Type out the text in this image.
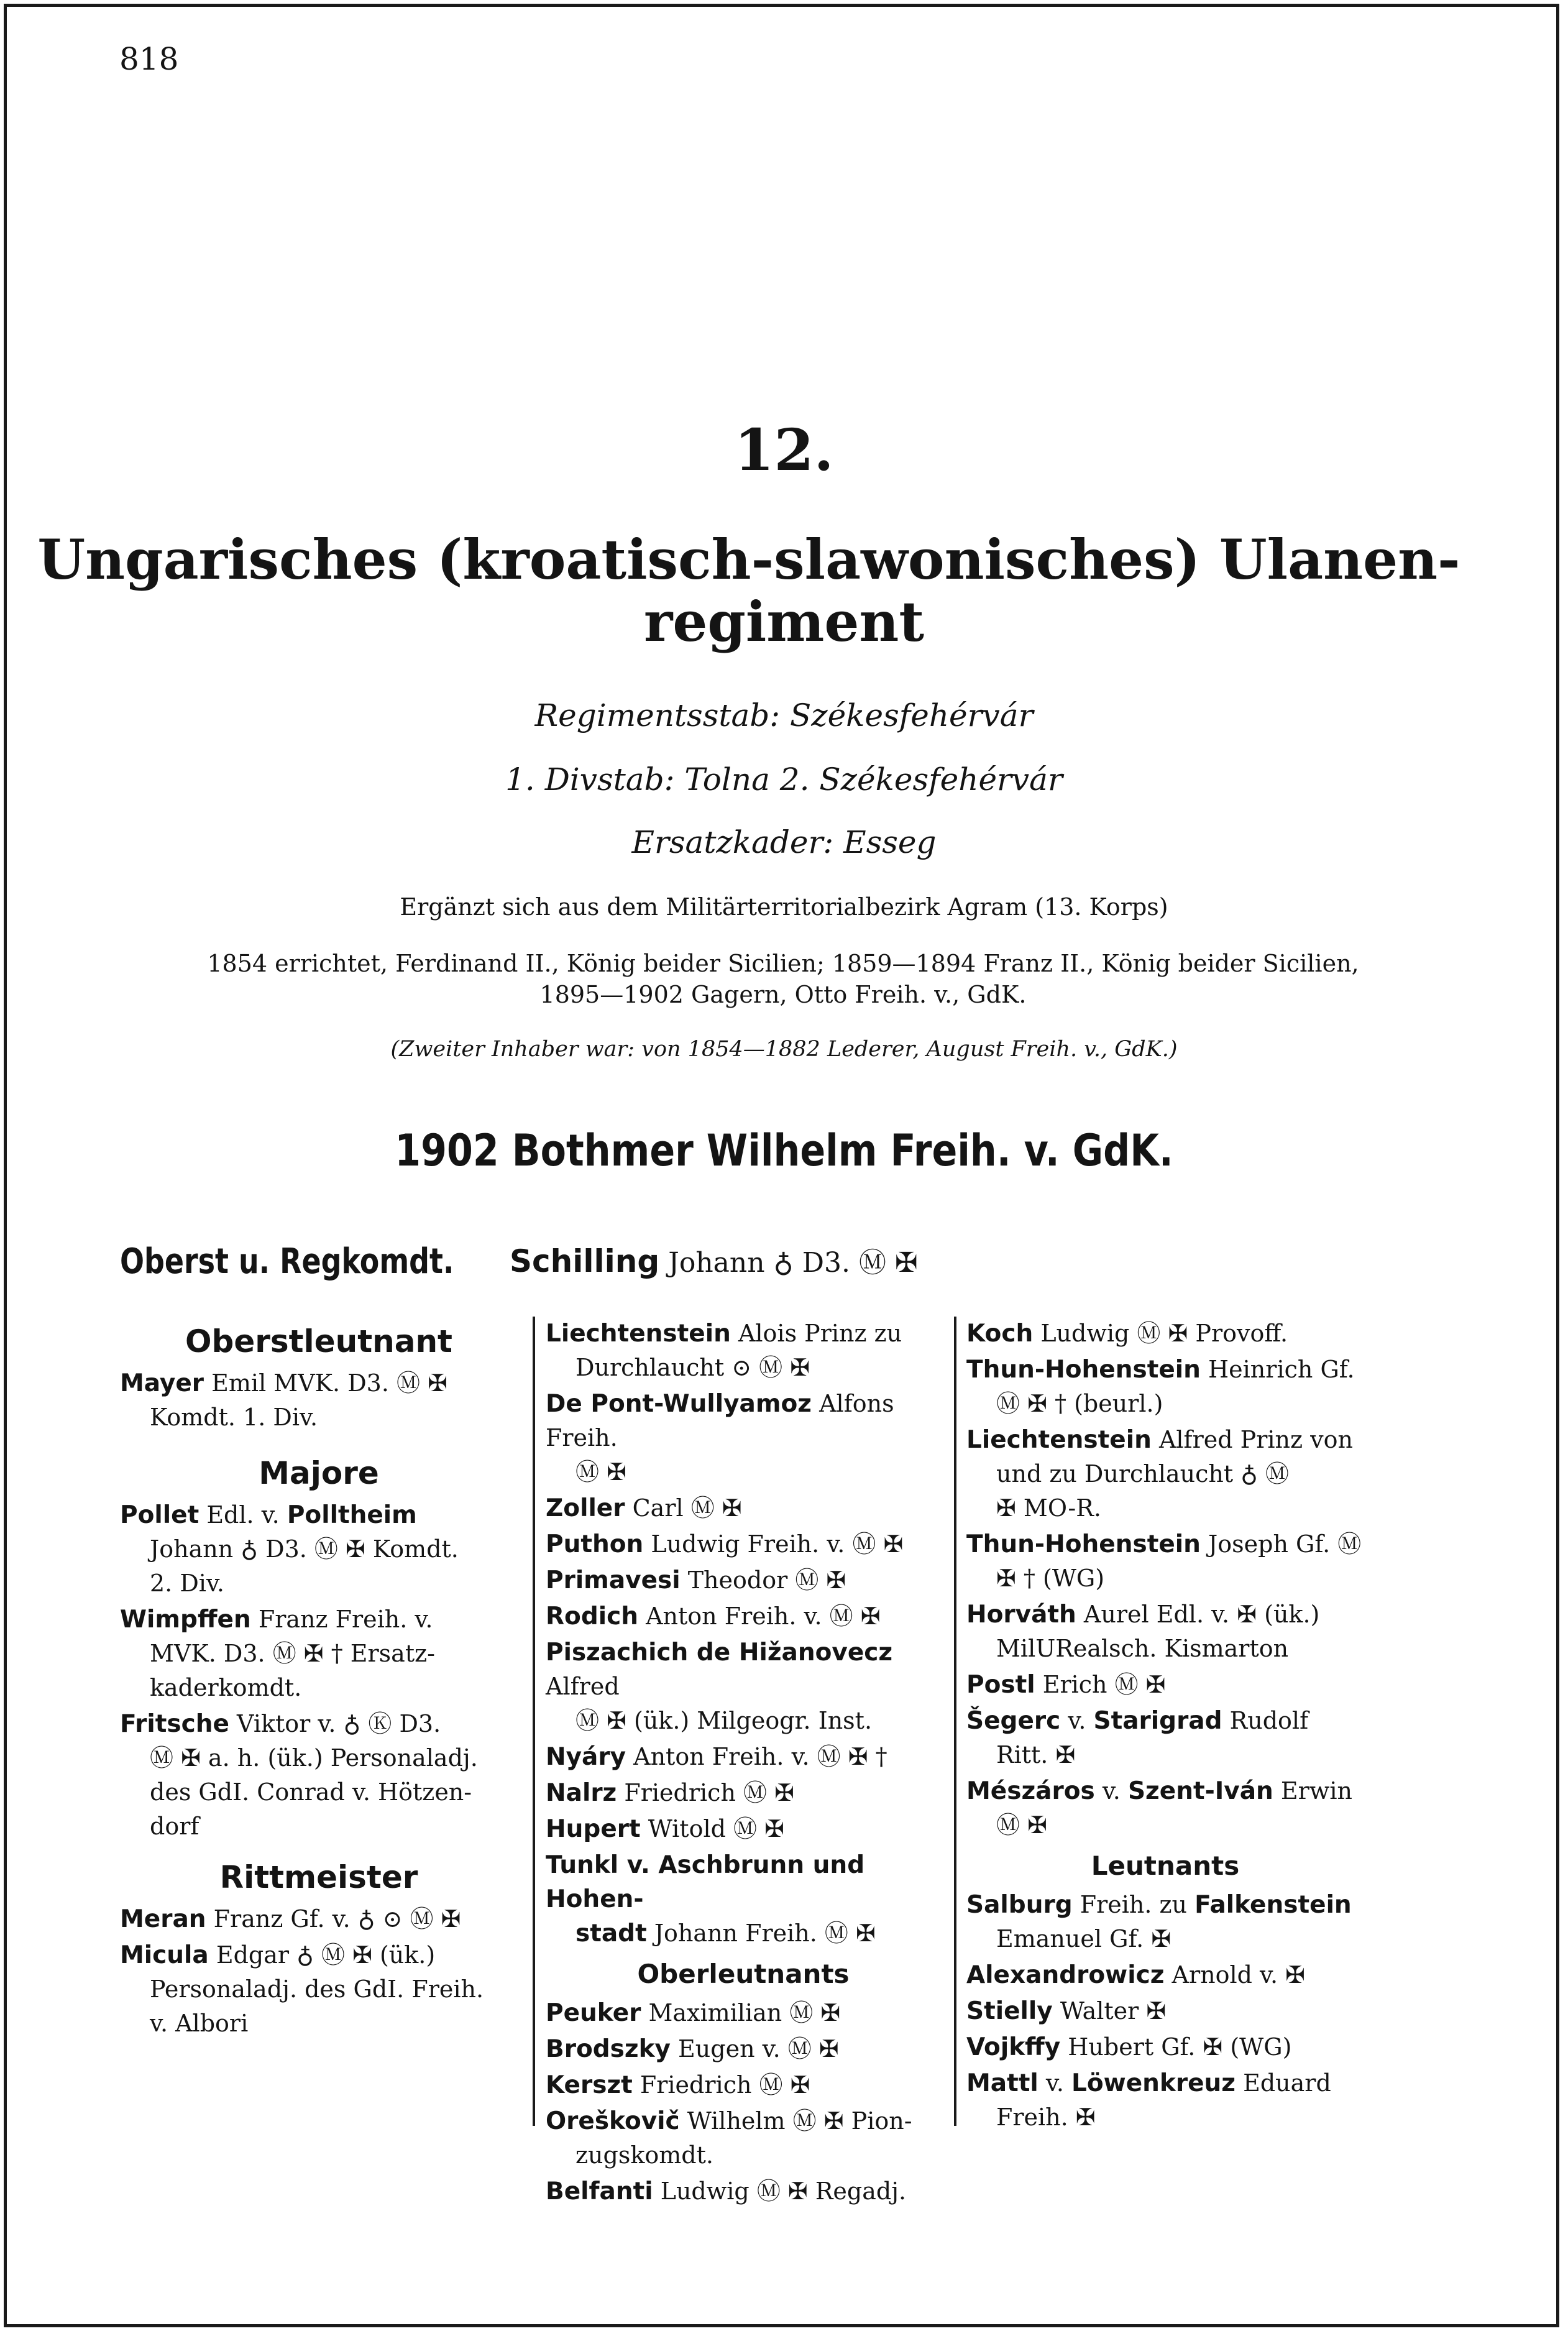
818
12.
Ungarisches (kroatisch-slawonisches) Ulanen-
regiment
Regimentsstab: Székesfehérvár
1. Divstab: Tolna 2. Székesfehérvár
Ersatzkader: Esseg
Ergänzt sich aus dem Militärterritorialbezirk Agram (13. Korps)
1854 errichtet, Ferdinand II., König beider Sicilien; 1859—1894 Franz II., König beider Sicilien,
1895—1902 Gagern, Otto Freih. v., GdK.
(Zweiter Inhaber war: von 1854—1882 Lederer, August Freih. v., GdK.)
1902 Bothmer Wilhelm Freih. v. GdK.
Oberst u. Regkomdt. Schilling Johann ♁ D3. Ⓜ ✠
Oberstleutnant
Mayer Emil MVK. D3. Ⓜ ✠
Komdt. 1. Div.
Majore
Pollet Edl. v. Polltheim
Johann ♁ D3. Ⓜ ✠ Komdt.
2. Div.
Wimpffen Franz Freih. v.
MVK. D3. Ⓜ ✠ † Ersatz-
kaderkomdt.
Fritsche Viktor v. ♁ Ⓚ D3.
Ⓜ ✠ a. h. (ük.) Personaladj.
des GdI. Conrad v. Hötzen-
dorf
Rittmeister
Meran Franz Gf. v. ♁ ⊙ Ⓜ ✠
Micula Edgar ♁ Ⓜ ✠ (ük.)
Personaladj. des GdI. Freih.
v. Albori
Liechtenstein Alois Prinz zu
Durchlaucht ⊙ Ⓜ ✠
De Pont-Wullyamoz Alfons Freih.
Ⓜ ✠
Zoller Carl Ⓜ ✠
Puthon Ludwig Freih. v. Ⓜ ✠
Primavesi Theodor Ⓜ ✠
Rodich Anton Freih. v. Ⓜ ✠
Piszachich de Hižanovecz Alfred
Ⓜ ✠ (ük.) Milgeogr. Inst.
Nyáry Anton Freih. v. Ⓜ ✠ †
Nalrz Friedrich Ⓜ ✠
Hupert Witold Ⓜ ✠
Tunkl v. Aschbrunn und Hohen-
stadt Johann Freih. Ⓜ ✠
Oberleutnants
Peuker Maximilian Ⓜ ✠
Brodszky Eugen v. Ⓜ ✠
Kerszt Friedrich Ⓜ ✠
Oreškovič Wilhelm Ⓜ ✠ Pion-
zugskomdt.
Belfanti Ludwig Ⓜ ✠ Regadj.
Koch Ludwig Ⓜ ✠ Provoff.
Thun-Hohenstein Heinrich Gf.
Ⓜ ✠ † (beurl.)
Liechtenstein Alfred Prinz von
und zu Durchlaucht ♁ Ⓜ
✠ MO-R.
Thun-Hohenstein Joseph Gf. Ⓜ
✠ † (WG)
Horváth Aurel Edl. v. ✠ (ük.)
MilURealsch. Kismarton
Postl Erich Ⓜ ✠
Šegerc v. Starigrad Rudolf
Ritt. ✠
Mészáros v. Szent-Iván Erwin
Ⓜ ✠
Leutnants
Salburg Freih. zu Falkenstein
Emanuel Gf. ✠
Alexandrowicz Arnold v. ✠
Stielly Walter ✠
Vojkffy Hubert Gf. ✠ (WG)
Mattl v. Löwenkreuz Eduard
Freih. ✠
